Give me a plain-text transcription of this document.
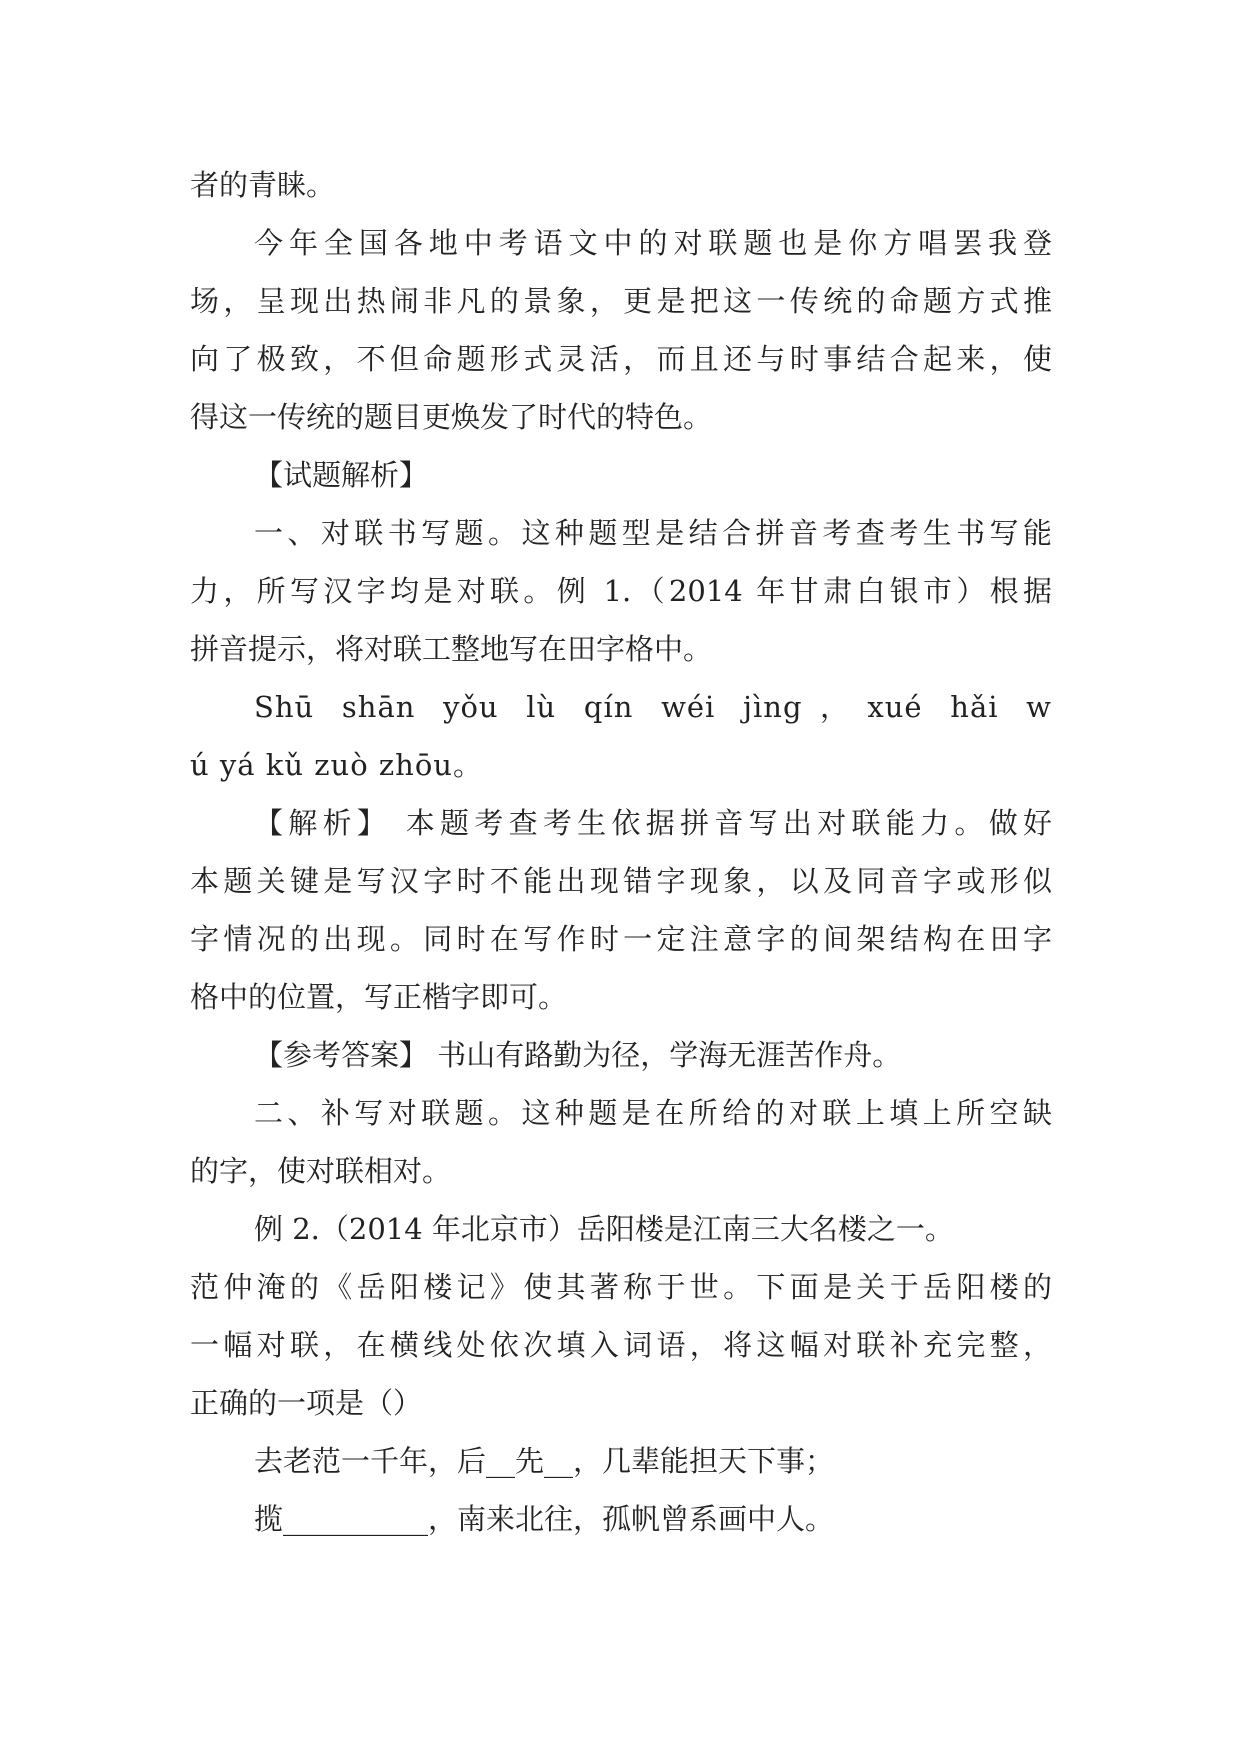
者的青睐。
今年全国各地中考语文中的对联题也是你方唱罢我登
场，呈现出热闹非凡的景象，更是把这一传统的命题方式推
向了极致，不但命题形式灵活，而且还与时事结合起来，使
得这一传统的题目更焕发了时代的特色。
【试题解析】
一、对联书写题。这种题型是结合拼音考查考生书写能
力，所写汉字均是对联。例 1.（2014 年甘肃白银市）根据
拼音提示，将对联工整地写在田字格中。
Shū shān yǒu lù qín wéi jìng，xué hǎi w
ú yá kǔ zuò zhōu。
【解析】 本题考查考生依据拼音写出对联能力。做好
本题关键是写汉字时不能出现错字现象，以及同音字或形似
字情况的出现。同时在写作时一定注意字的间架结构在田字
格中的位置，写正楷字即可。
【参考答案】 书山有路勤为径，学海无涯苦作舟。
二、补写对联题。这种题是在所给的对联上填上所空缺
的字，使对联相对。
例 2.（2014 年北京市）岳阳楼是江南三大名楼之一。
范仲淹的《岳阳楼记》使其著称于世。下面是关于岳阳楼的
一幅对联，在横线处依次填入词语，将这幅对联补充完整，
正确的一项是（）
去老范一千年，后__先__，几辈能担天下事；
揽__________，南来北往，孤帆曾系画中人。
